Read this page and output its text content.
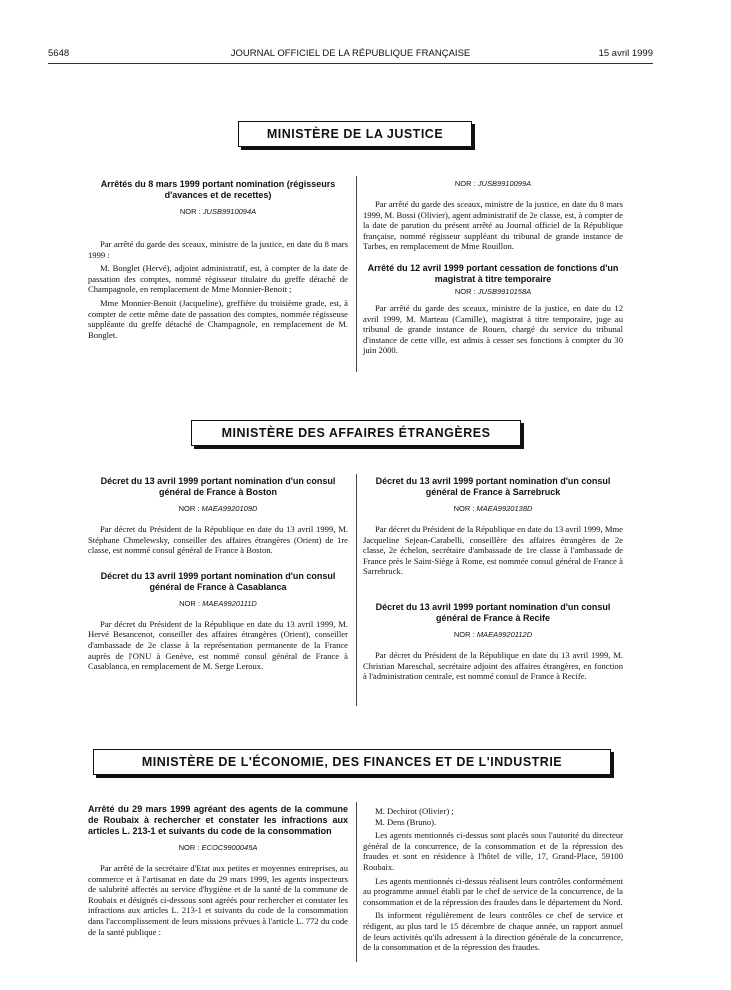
5648	JOURNAL OFFICIEL DE LA RÉPUBLIQUE FRANÇAISE	15 avril 1999
MINISTÈRE DE LA JUSTICE
Arrêtés du 8 mars 1999 portant nomination (régisseurs d'avances et de recettes)
NOR : JUSB9910094A

Par arrêté du garde des sceaux, ministre de la justice, en date du 8 mars 1999 :

M. Bonglet (Hervé), adjoint administratif, est, à compter de la date de passation des comptes, nommé régisseur titulaire du greffe détaché de Champagnole, en remplacement de Mme Monnier-Benoit ;

Mme Monnier-Benoit (Jacqueline), greffière du troisième grade, est, à compter de cette même date de passation des comptes, nommée régisseuse suppléante du greffe détaché de Champagnole, en remplacement de M. Bonglet.

NOR : JUSB9910099A

Par arrêté du garde des sceaux, ministre de la justice, en date du 8 mars 1999, M. Bossi (Olivier), agent administratif de 2e classe, est, à compter de la date de parution du présent arrêté au Journal officiel de la République française, nommé régisseur suppléant du tribunal de grande instance de Tarbes, en remplacement de Mme Rouillon.

Arrêté du 12 avril 1999 portant cessation de fonctions d'un magistrat à titre temporaire
NOR : JUSB9910158A

Par arrêté du garde des sceaux, ministre de la justice, en date du 12 avril 1999, M. Marteau (Camille), magistrat à titre temporaire, juge au tribunal de grande instance de Rouen, chargé du service du tribunal d'instance de cette ville, est admis à cesser ses fonctions à compter du 30 juin 2000.

MINISTÈRE DES AFFAIRES ÉTRANGÈRES
Décret du 13 avril 1999 portant nomination d'un consul général de France à Boston
NOR : MAEA9920109D

Par décret du Président de la République en date du 13 avril 1999, M. Stéphane Chmelewsky, conseiller des affaires étrangères (Orient) de 1re classe, est nommé consul général de France à Boston.

Décret du 13 avril 1999 portant nomination d'un consul général de France à Casablanca
NOR : MAEA9920111D

Par décret du Président de la République en date du 13 avril 1999, M. Hervé Besancenot, conseiller des affaires étrangères (Orient), conseiller d'ambassade de 2e classe à la représentation permanente de la France auprès de l'ONU à Genève, est nommé consul général de France à Casablanca, en remplacement de M. Serge Leroux.

Décret du 13 avril 1999 portant nomination d'un consul général de France à Sarrebruck
NOR : MAEA9920138D

Par décret du Président de la République en date du 13 avril 1999, Mme Jacqueline Sejean-Carabelli, conseillère des affaires étrangères de 2e classe, 2e échelon, secrétaire d'ambassade de 1re classe à l'ambassade de France près le Saint-Siège à Rome, est nommée consul général de France à Sarrebruck.

Décret du 13 avril 1999 portant nomination d'un consul général de France à Recife
NOR : MAEA9920112D

Par décret du Président de la République en date du 13 avril 1999, M. Christian Mareschal, secrétaire adjoint des affaires étrangères, en fonction à l'administration centrale, est nommé consul de France à Recife.

MINISTÈRE DE L'ÉCONOMIE, DES FINANCES ET DE L'INDUSTRIE
Arrêté du 29 mars 1999 agréant des agents de la commune de Roubaix à rechercher et constater les infractions aux articles L. 213-1 et suivants du code de la consommation
NOR : ECOC9900045A

Par arrêté de la secrétaire d'Etat aux petites et moyennes entreprises, au commerce et à l'artisanat en date du 29 mars 1999, les agents inspecteurs de salubrité affectés au service d'hygiène et de la santé de la commune de Roubaix et désignés ci-dessous sont agréés pour rechercher et constater les infractions aux articles L. 213-1 et suivants du code de la consommation dans l'accomplissement de leurs missions prévues à l'article L. 772 du code de la santé publique :

M. Dechirot (Olivier) ;

M. Dens (Bruno).

Les agents mentionnés ci-dessus sont placés sous l'autorité du directeur général de la concurrence, de la consommation et de la répression des fraudes et sont en résidence à l'hôtel de ville, 17, Grand-Place, 59100 Roubaix.

Les agents mentionnés ci-dessus réalisent leurs contrôles conformément au programme annuel établi par le chef de service de la concurrence, de la consommation et de la répression des fraudes dans le département du Nord.

Ils informent régulièrement de leurs contrôles ce chef de service et rédigent, au plus tard le 15 décembre de chaque année, un rapport annuel de leurs activités qu'ils adressent à la direction générale de la concurrence, de la consommation et de la répression des fraudes.
